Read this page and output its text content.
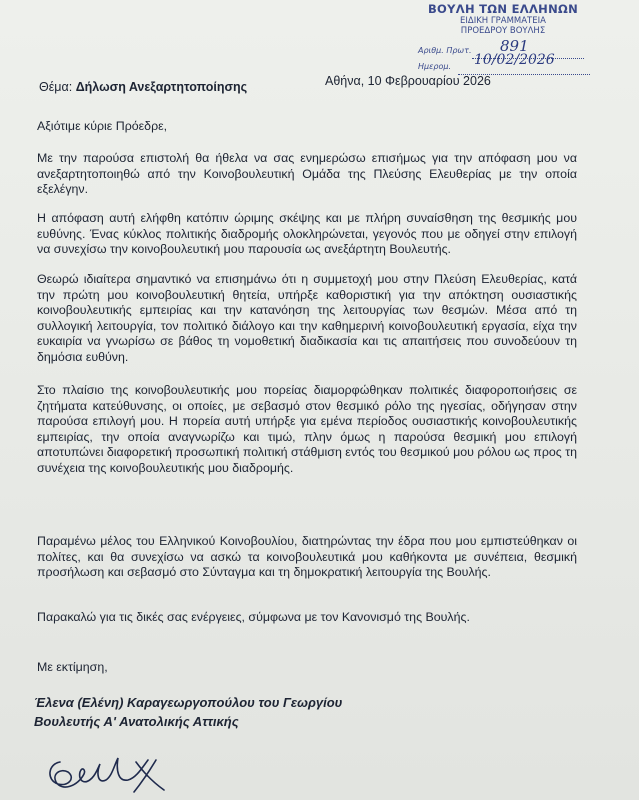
ΒΟΥΛΗ ΤΩΝ ΕΛΛΗΝΩΝ
ΕΙΔΙΚΗ ΓΡΑΜΜΑΤΕΙΑ
ΠΡΟΕΔΡΟΥ ΒΟΥΛΗΣ
Αριθμ. Πρωτ. 891
Ημερομ. 10/02/2026
Θέμα: Δήλωση Ανεξαρτητοποίησης	Αθήνα, 10 Φεβρουαρίου 2026

Αξιότιμε κύριε Πρόεδρε,

Με την παρούσα επιστολή θα ήθελα να σας ενημερώσω επισήμως για την απόφαση μου να ανεξαρτητοποιηθώ από την Κοινοβουλευτική Ομάδα της Πλεύσης Ελευθερίας με την οποία εξελέγην.

Η απόφαση αυτή ελήφθη κατόπιν ώριμης σκέψης και με πλήρη συναίσθηση της θεσμικής μου ευθύνης. Ένας κύκλος πολιτικής διαδρομής ολοκληρώνεται, γεγονός που με οδηγεί στην επιλογή να συνεχίσω την κοινοβουλευτική μου παρουσία ως ανεξάρτητη Βουλευτής.

Θεωρώ ιδιαίτερα σημαντικό να επισημάνω ότι η συμμετοχή μου στην Πλεύση Ελευθερίας, κατά την πρώτη μου κοινοβουλευτική θητεία, υπήρξε καθοριστική για την απόκτηση ουσιαστικής κοινοβουλευτικής εμπειρίας και την κατανόηση της λειτουργίας των θεσμών. Μέσα από τη συλλογική λειτουργία, τον πολιτικό διάλογο και την καθημερινή κοινοβουλευτική εργασία, είχα την ευκαιρία να γνωρίσω σε βάθος τη νομοθετική διαδικασία και τις απαιτήσεις που συνοδεύουν τη δημόσια ευθύνη.

Στο πλαίσιο της κοινοβουλευτικής μου πορείας διαμορφώθηκαν πολιτικές διαφοροποιήσεις σε ζητήματα κατεύθυνσης, οι οποίες, με σεβασμό στον θεσμικό ρόλο της ηγεσίας, οδήγησαν στην παρούσα επιλογή μου. Η πορεία αυτή υπήρξε για εμένα περίοδος ουσιαστικής κοινοβουλευτικής εμπειρίας, την οποία αναγνωρίζω και τιμώ, πλην όμως η παρούσα θεσμική μου επιλογή αποτυπώνει διαφορετική προσωπική πολιτική στάθμιση εντός του θεσμικού μου ρόλου ως προς τη συνέχεια της κοινοβουλευτικής μου διαδρομής.

Παραμένω μέλος του Ελληνικού Κοινοβουλίου, διατηρώντας την έδρα που μου εμπιστεύθηκαν οι πολίτες, και θα συνεχίσω να ασκώ τα κοινοβουλευτικά μου καθήκοντα με συνέπεια, θεσμική προσήλωση και σεβασμό στο Σύνταγμα και τη δημοκρατική λειτουργία της Βουλής.

Παρακαλώ για τις δικές σας ενέργειες, σύμφωνα με τον Κανονισμό της Βουλής.

Με εκτίμηση,

Έλενα (Ελένη) Καραγεωργοπούλου του Γεωργίου
Βουλευτής Α' Ανατολικής Αττικής
